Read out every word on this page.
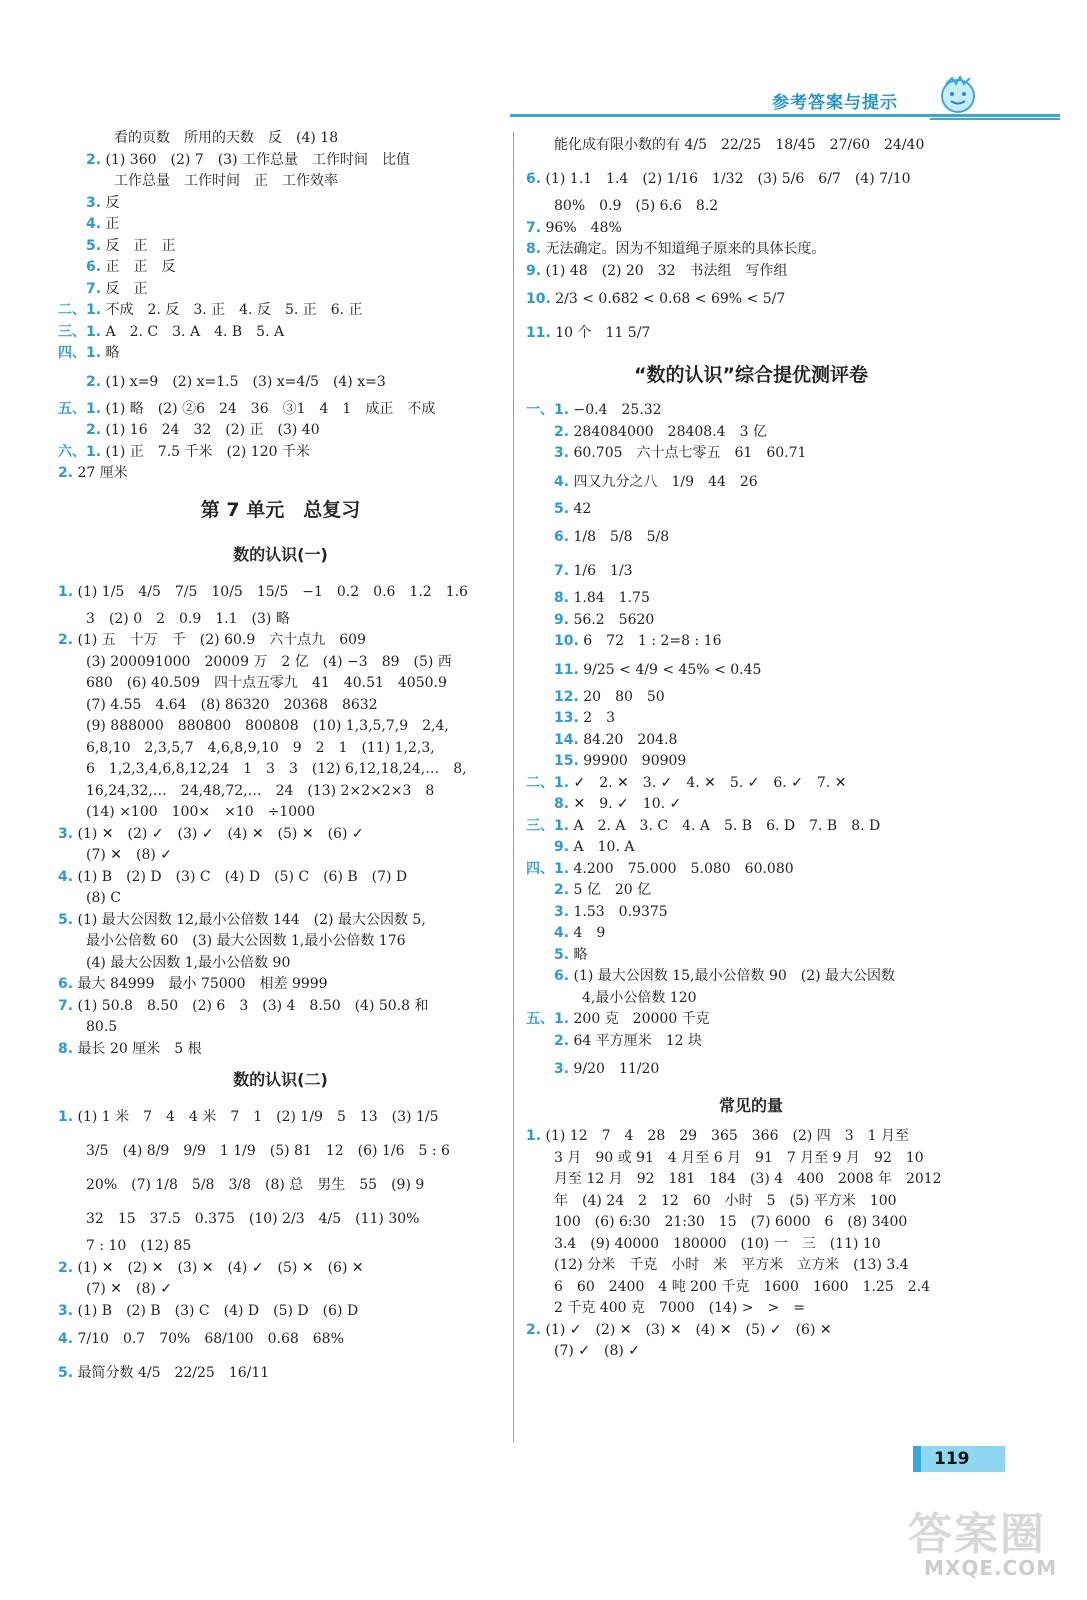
参考答案与提示
看的页数　所用的天数　反　(4) 18
2. (1) 360　(2) 7　(3) 工作总量　工作时间　比值
工作总量　工作时间　正　工作效率
3. 反
4. 正
5. 反　正　正
6. 正　正　反
7. 反　正
二、1. 不成　2. 反　3. 正　4. 反　5. 正　6. 正
三、1. A　2. C　3. A　4. B　5. A
四、1. 略
2. (1) x=9　(2) x=1.5　(3) x=4/5　(4) x=3
五、1. (1) 略　(2) ②6　24　36　③1　4　1　成正　不成
2. (1) 16　24　32　(2) 正　(3) 40
六、1. (1) 正　7.5 千米　(2) 120 千米
2. 27 厘米
第 7 单元　总复习
数的认识(一)
1. (1) 1/5　4/5　7/5　10/5　15/5　−1　0.2　0.6　1.2　1.6
3　(2) 0　2　0.9　1.1　(3) 略
2. (1) 五　十万　千　(2) 60.9　六十点九　609
(3) 200091000　20009 万　2 亿　(4) −3　89　(5) 西
680　(6) 40.509　四十点五零九　41　40.51　4050.9
(7) 4.55　4.64　(8) 86320　20368　8632
(9) 888000　880800　800808　(10) 1,3,5,7,9　2,4,
6,8,10　2,3,5,7　4,6,8,9,10　9　2　1　(11) 1,2,3,
6　1,2,3,4,6,8,12,24　1　3　3　(12) 6,12,18,24,…　8,
16,24,32,…　24,48,72,…　24　(13) 2×2×2×3　8
(14) ×100　100×　×10　÷1000
3. (1) ✕　(2) ✓　(3) ✓　(4) ✕　(5) ✕　(6) ✓
(7) ✕　(8) ✓
4. (1) B　(2) D　(3) C　(4) D　(5) C　(6) B　(7) D
(8) C
5. (1) 最大公因数 12,最小公倍数 144　(2) 最大公因数 5,
最小公倍数 60　(3) 最大公因数 1,最小公倍数 176
(4) 最大公因数 1,最小公倍数 90
6. 最大 84999　最小 75000　相差 9999
7. (1) 50.8　8.50　(2) 6　3　(3) 4　8.50　(4) 50.8 和
80.5
8. 最长 20 厘米　5 根
数的认识(二)
1. (1) 1 米　7　4　4 米　7　1　(2) 1/9　5　13　(3) 1/5
3/5　(4) 8/9　9/9　1 1/9　(5) 81　12　(6) 1/6　5 : 6
20%　(7) 1/8　5/8　3/8　(8) 总　男生　55　(9) 9
32　15　37.5　0.375　(10) 2/3　4/5　(11) 30%
7 : 10　(12) 85
2. (1) ✕　(2) ✕　(3) ✕　(4) ✓　(5) ✕　(6) ✕
(7) ✕　(8) ✓
3. (1) B　(2) B　(3) C　(4) D　(5) D　(6) D
4. 7/10　0.7　70%　68/100　0.68　68%
5. 最简分数 4/5　22/25　16/11
能化成有限小数的有 4/5　22/25　18/45　27/60　24/40
6. (1) 1.1　1.4　(2) 1/16　1/32　(3) 5/6　6/7　(4) 7/10
80%　0.9　(5) 6.6　8.2
7. 96%　48%
8. 无法确定。因为不知道绳子原来的具体长度。
9. (1) 48　(2) 20　32　书法组　写作组
10. 2/3 < 0.6̇8̇2 < 0.68 < 69% < 5/7
11. 10 个　11 5/7
“数的认识”综合提优测评卷
一、1. −0.4　25.32
2. 284084000　28408.4　3 亿
3. 60.705　六十点七零五　61　60.71
4. 四又九分之八　1/9　44　26
5. 42
6. 1/8　5/8　5/8
7. 1/6　1/3
8. 1.84　1.75
9. 56.2　5620
10. 6　72　1 : 2=8 : 16
11. 9/25 < 4/9 < 45% < 0.4̇5̇
12. 20　80　50
13. 2　3
14. 84.20　204.8
15. 99900　90909
二、1. ✓　2. ✕　3. ✓　4. ✕　5. ✓　6. ✓　7. ✕
8. ✕　9. ✓　10. ✓
三、1. A　2. A　3. C　4. A　5. B　6. D　7. B　8. D
9. A　10. A
四、1. 4.200　75.000　5.080　60.080
2. 5 亿　20 亿
3. 1.53　0.9375
4. 4　9
5. 略
6. (1) 最大公因数 15,最小公倍数 90　(2) 最大公因数
4,最小公倍数 120
五、1. 200 克　20000 千克
2. 64 平方厘米　12 块
3. 9/20　11/20
常见的量
1. (1) 12　7　4　28　29　365　366　(2) 四　3　1 月至
3 月　90 或 91　4 月至 6 月　91　7 月至 9 月　92　10
月至 12 月　92　181　184　(3) 4　400　2008 年　2012
年　(4) 24　2　12　60　小时　5　(5) 平方米　100
100　(6) 6:30　21:30　15　(7) 6000　6　(8) 3400
3.4　(9) 40000　180000　(10) 一　三　(11) 10
(12) 分米　千克　小时　米　平方米　立方米　(13) 3.4
6　60　2400　4 吨 200 千克　1600　1600　1.25　2.4
2 千克 400 克　7000　(14) >　>　=
2. (1) ✓　(2) ✕　(3) ✕　(4) ✕　(5) ✓　(6) ✕
(7) ✓　(8) ✓
119
答案圈
MXQE.COM
